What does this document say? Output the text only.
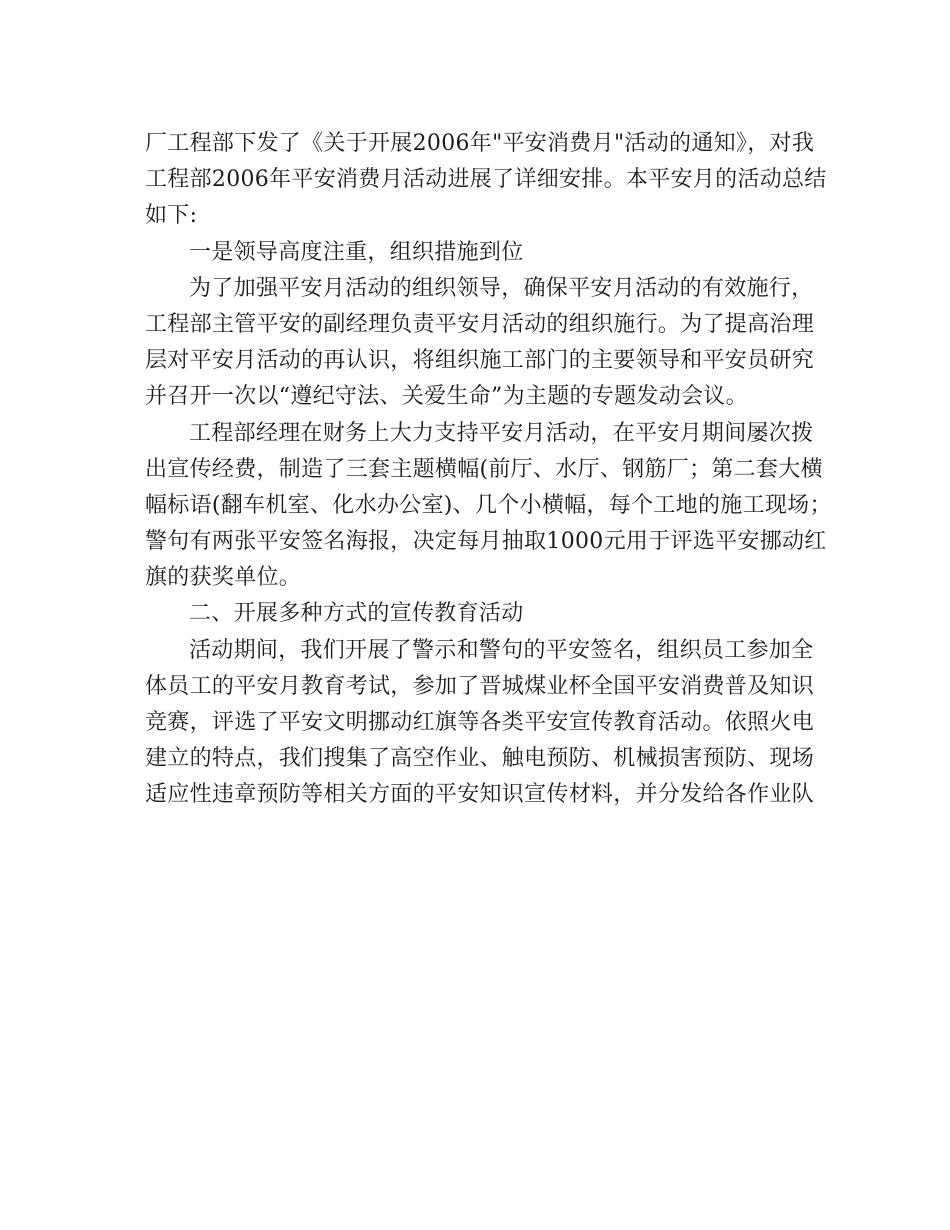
厂工程部下发了《关于开展2006年"平安消费月"活动的通知》，对我
工程部2006年平安消费月活动进展了详细安排。本平安月的活动总结
如下:
一是领导高度注重，组织措施到位
为了加强平安月活动的组织领导，确保平安月活动的有效施行，
工程部主管平安的副经理负责平安月活动的组织施行。为了提高治理
层对平安月活动的再认识，将组织施工部门的主要领导和平安员研究
并召开一次以“遵纪守法、关爱生命”为主题的专题发动会议。
工程部经理在财务上大力支持平安月活动，在平安月期间屡次拨
出宣传经费，制造了三套主题横幅(前厅、水厅、钢筋厂；第二套大横
幅标语(翻车机室、化水办公室)、几个小横幅，每个工地的施工现场；
警句有两张平安签名海报，决定每月抽取1000元用于评选平安挪动红
旗的获奖单位。
二、开展多种方式的宣传教育活动
活动期间，我们开展了警示和警句的平安签名，组织员工参加全
体员工的平安月教育考试，参加了晋城煤业杯全国平安消费普及知识
竞赛，评选了平安文明挪动红旗等各类平安宣传教育活动。依照火电
建立的特点，我们搜集了高空作业、触电预防、机械损害预防、现场
适应性违章预防等相关方面的平安知识宣传材料，并分发给各作业队
